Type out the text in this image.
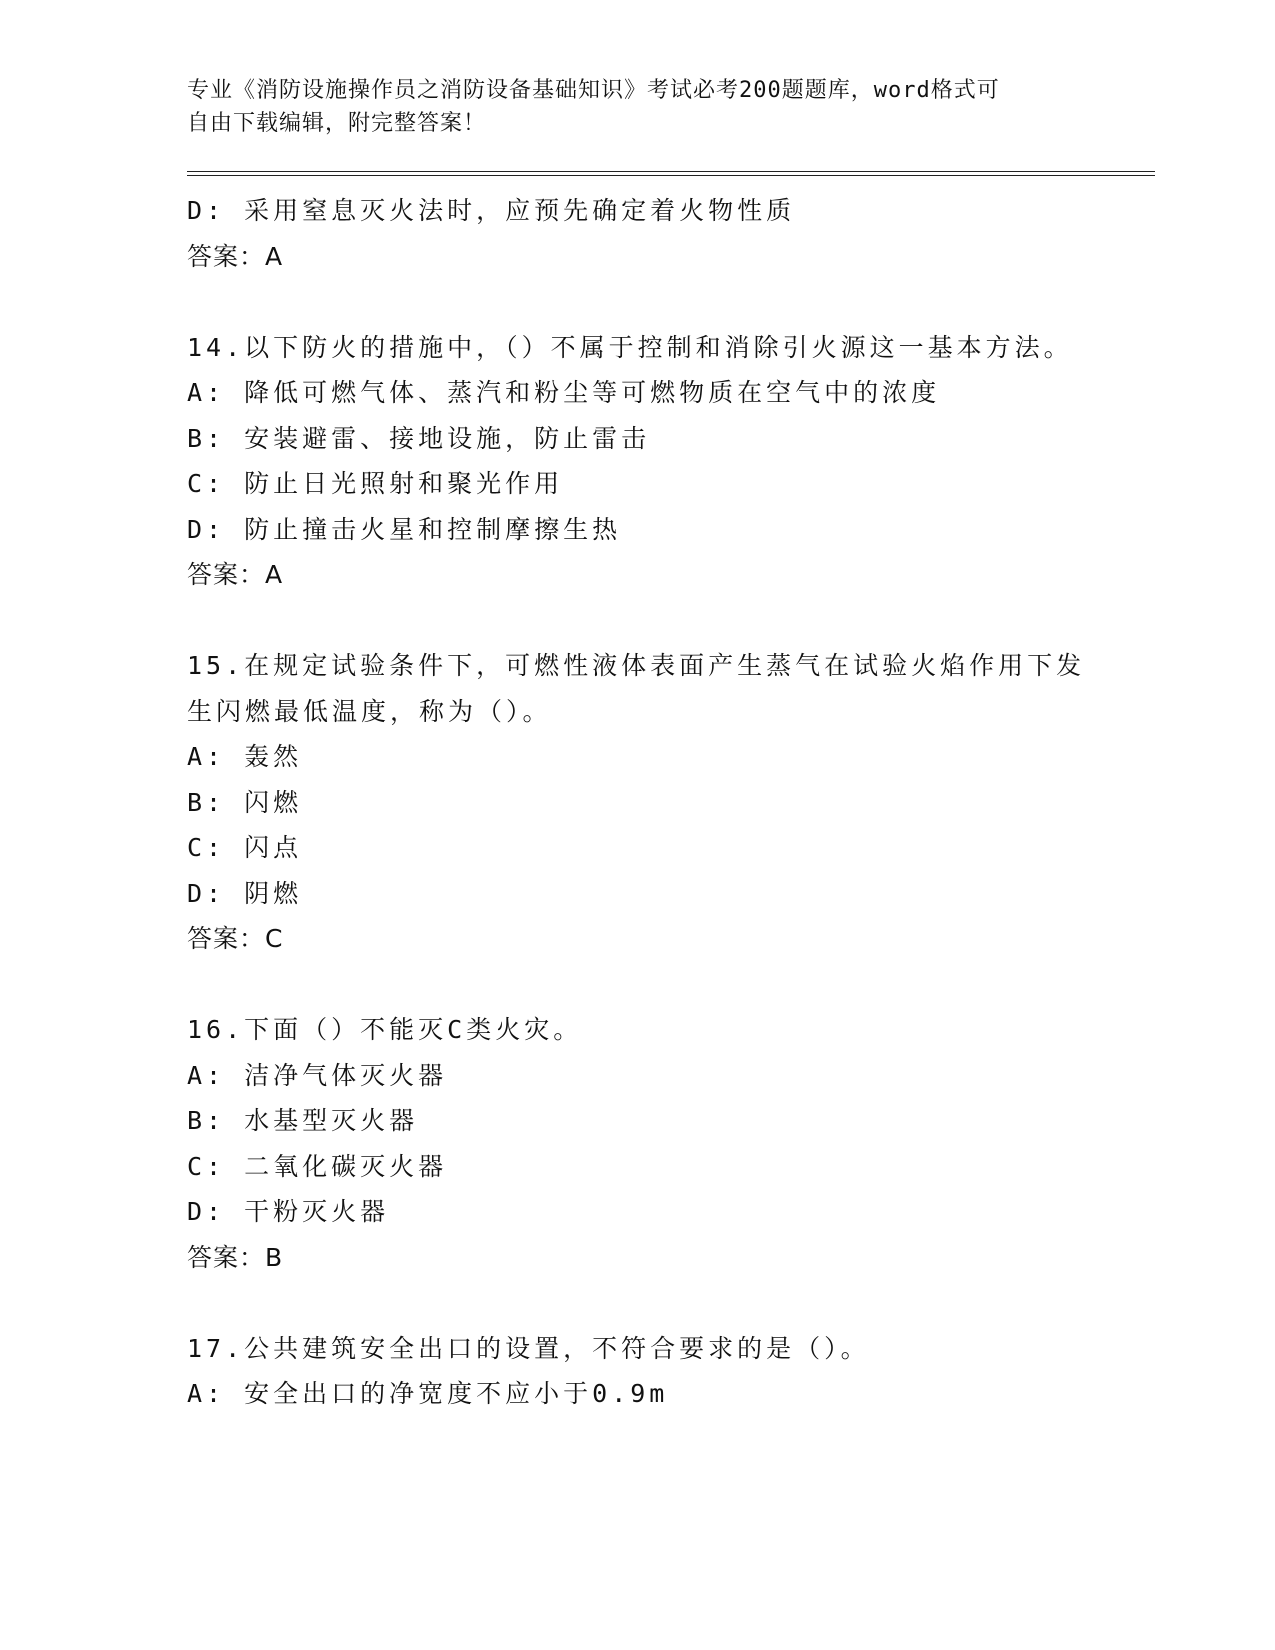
专业《消防设施操作员之消防设备基础知识》考试必考200题题库，word格式可
自由下载编辑，附完整答案！
D: 采用窒息灭火法时，应预先确定着火物性质
答案：A
14.以下防火的措施中，（）不属于控制和消除引火源这一基本方法。
A: 降低可燃气体、蒸汽和粉尘等可燃物质在空气中的浓度
B: 安装避雷、接地设施，防止雷击
C: 防止日光照射和聚光作用
D: 防止撞击火星和控制摩擦生热
答案：A
15.在规定试验条件下，可燃性液体表面产生蒸气在试验火焰作用下发
生闪燃最低温度，称为（）。
A: 轰然
B: 闪燃
C: 闪点
D: 阴燃
答案：C
16.下面（）不能灭C类火灾。
A: 洁净气体灭火器
B: 水基型灭火器
C: 二氧化碳灭火器
D: 干粉灭火器
答案：B
17.公共建筑安全出口的设置，不符合要求的是（）。
A: 安全出口的净宽度不应小于0.9m
